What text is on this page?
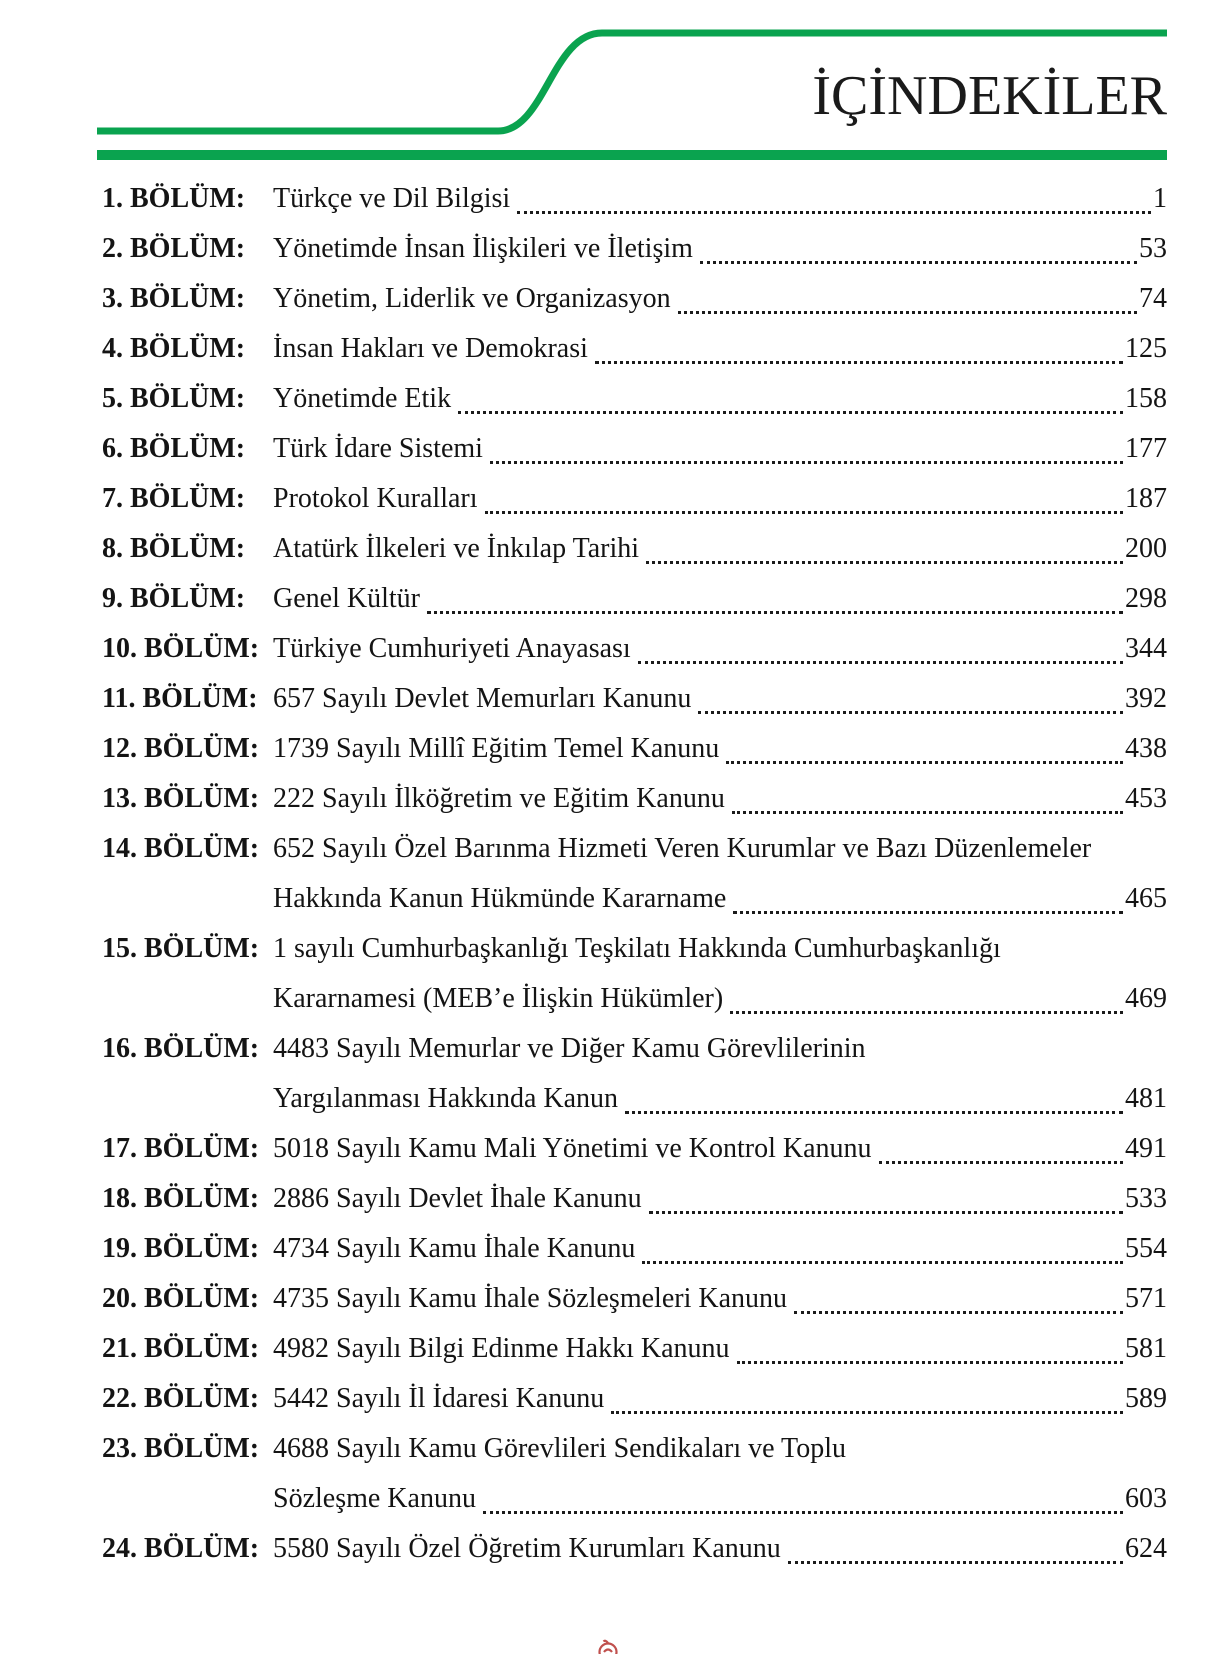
İÇİNDEKİLER
1. BÖLÜM: Türkçe ve Dil Bilgisi	1
2. BÖLÜM: Yönetimde İnsan İlişkileri ve İletişim	53
3. BÖLÜM: Yönetim, Liderlik ve Organizasyon	74
4. BÖLÜM: İnsan Hakları ve Demokrasi	125
5. BÖLÜM: Yönetimde Etik	158
6. BÖLÜM: Türk İdare Sistemi	177
7. BÖLÜM: Protokol Kuralları	187
8. BÖLÜM: Atatürk İlkeleri ve İnkılap Tarihi	200
9. BÖLÜM: Genel Kültür	298
10. BÖLÜM: Türkiye Cumhuriyeti Anayasası	344
11. BÖLÜM: 657 Sayılı Devlet Memurları Kanunu	392
12. BÖLÜM: 1739 Sayılı Millî Eğitim Temel Kanunu	438
13. BÖLÜM: 222 Sayılı İlköğretim ve Eğitim Kanunu	453
14. BÖLÜM: 652 Sayılı Özel Barınma Hizmeti Veren Kurumlar ve Bazı Düzenlemeler
Hakkında Kanun Hükmünde Kararname	465
15. BÖLÜM: 1 sayılı Cumhurbaşkanlığı Teşkilatı Hakkında Cumhurbaşkanlığı
Kararnamesi (MEB’e İlişkin Hükümler)	469
16. BÖLÜM: 4483 Sayılı Memurlar ve Diğer Kamu Görevlilerinin
Yargılanması Hakkında Kanun	481
17. BÖLÜM: 5018 Sayılı Kamu Mali Yönetimi ve Kontrol Kanunu	491
18. BÖLÜM: 2886 Sayılı Devlet İhale Kanunu	533
19. BÖLÜM: 4734 Sayılı Kamu İhale Kanunu	554
20. BÖLÜM: 4735 Sayılı Kamu İhale Sözleşmeleri Kanunu	571
21. BÖLÜM: 4982 Sayılı Bilgi Edinme Hakkı Kanunu	581
22. BÖLÜM: 5442 Sayılı İl İdaresi Kanunu	589
23. BÖLÜM: 4688 Sayılı Kamu Görevlileri Sendikaları ve Toplu
Sözleşme Kanunu	603
24. BÖLÜM: 5580 Sayılı Özel Öğretim Kurumları Kanunu	624
